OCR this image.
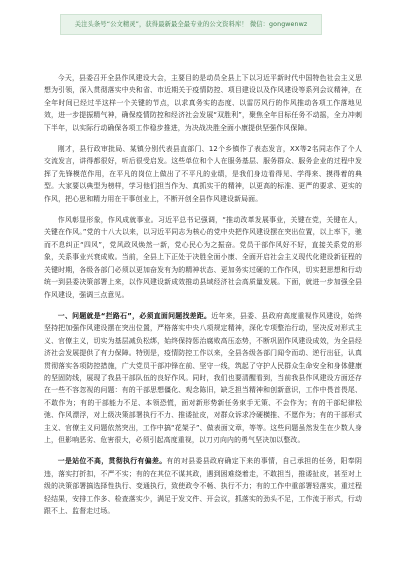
关注头条号“公文精灵”，获得最新最全最专业的公文资料库！ 微信：gongwenwz

今天，县委召开全县作风建设大会，主要目的是动员全县上下以习近平新时代中国特色社会主义思想为引领，深入贯彻落实中央和省、市近期关于疫情防控、项目建设以及作风建设等系列会议精神，在全年时间已经过半这样一个关键的节点，以求真务实的态度、以雷厉风行的作风推动各项工作落地见效，进一步提振精气神，确保疫情防控和经济社会发展“双胜利”，聚焦全年目标任务不动摇，全力冲刺下半年，以实际行动确保各项工作稳步推进，为决战决胜全面小康提供坚强作风保障。

刚才，县行政审批局、某镇分别代表县直部门、12个乡镇作了表态发言，XX等2名同志作了个人交流发言，讲得都很好，听后很受启发。这些单位和个人在服务基层、服务群众、服务企业的过程中发挥了先锋模范作用，在平凡的岗位上做出了不平凡的业绩，是我们身边看得见、学得来、摸得着的典型。大家要以典型为榜样，学习他们担当作为、真抓实干的精神，以更高的标准、更严的要求、更实的作风，把心思和精力用在干事创业上，不断开创全县作风建设新局面。

作风彰显形象，作风成就事业。习近平总书记强调，“推动改革发展事业，关键在党，关键在人，关键在作风。”党的十八大以来，以习近平同志为核心的党中央把作风建设摆在突出位置，以上率下，驰而不息纠正“四风”，党风政风焕然一新，党心民心为之振奋。党员干部作风好不好，直接关系党的形象，关系事业兴衰成败。当前，全县上下正处于决胜全面小康、全面开启社会主义现代化建设新征程的关键时期，各级各部门必须以更加奋发有为的精神状态、更加务实过硬的工作作风，切实把思想和行动统一到县委决策部署上来，以作风建设新成效推动县域经济社会高质量发展。下面，就进一步加强全县作风建设，强调三点意见。

一、问题就是“拦路石”，必须直面问题找差距。近年来，县委、县政府高度重视作风建设，始终坚持把加强作风建设摆在突出位置，严格落实中央八项规定精神，深化专项整治行动，坚决反对形式主义、官僚主义，切实为基层减负松绑，始终保持惩治腐败高压态势，不断巩固作风建设成效，为全县经济社会发展提供了有力保障。特别是，疫情防控工作以来，全县各级各部门闻令而动、逆行出征，认真贯彻落实各项防控措施，广大党员干部冲锋在前、坚守一线，筑起了守护人民群众生命安全和身体健康的坚固防线，展现了我县干部队伍的良好作风。同时，我们也要清醒看到，当前我县作风建设方面还存在一些不容忽视的问题：有的干部思想僵化、观念陈旧，缺乏担当精神和创新意识，工作中畏首畏尾、不敢作为；有的干部能力不足、本领恐慌，面对新形势新任务束手无策、不会作为；有的干部纪律松弛、作风漂浮，对上级决策部署执行不力、推诿扯皮，对群众诉求冷硬横推、不愿作为；有的干部形式主义、官僚主义问题依然突出，工作中搞“花架子”、做表面文章，等等。这些问题虽然发生在少数人身上，但影响恶劣、危害很大，必须引起高度重视，以刀刃向内的勇气坚决加以整改。

一是站位不高，贯彻执行有偏差。有的对县委县政府确定下来的事情，自己承担的任务，阳奉阴违，落实打折扣，不严不实；有的在其位不谋其政，遇到困难绕着走，不敢担当，推诿扯皮，甚至对上级的决策部署搞选择性执行、变通执行，致使政令不畅、执行不力；有的工作中重部署轻落实，重过程轻结果，安排工作多、检查落实少，满足于发文件、开会议，抓落实的劲头不足，工作流于形式，行动跟不上、监督走过场。
